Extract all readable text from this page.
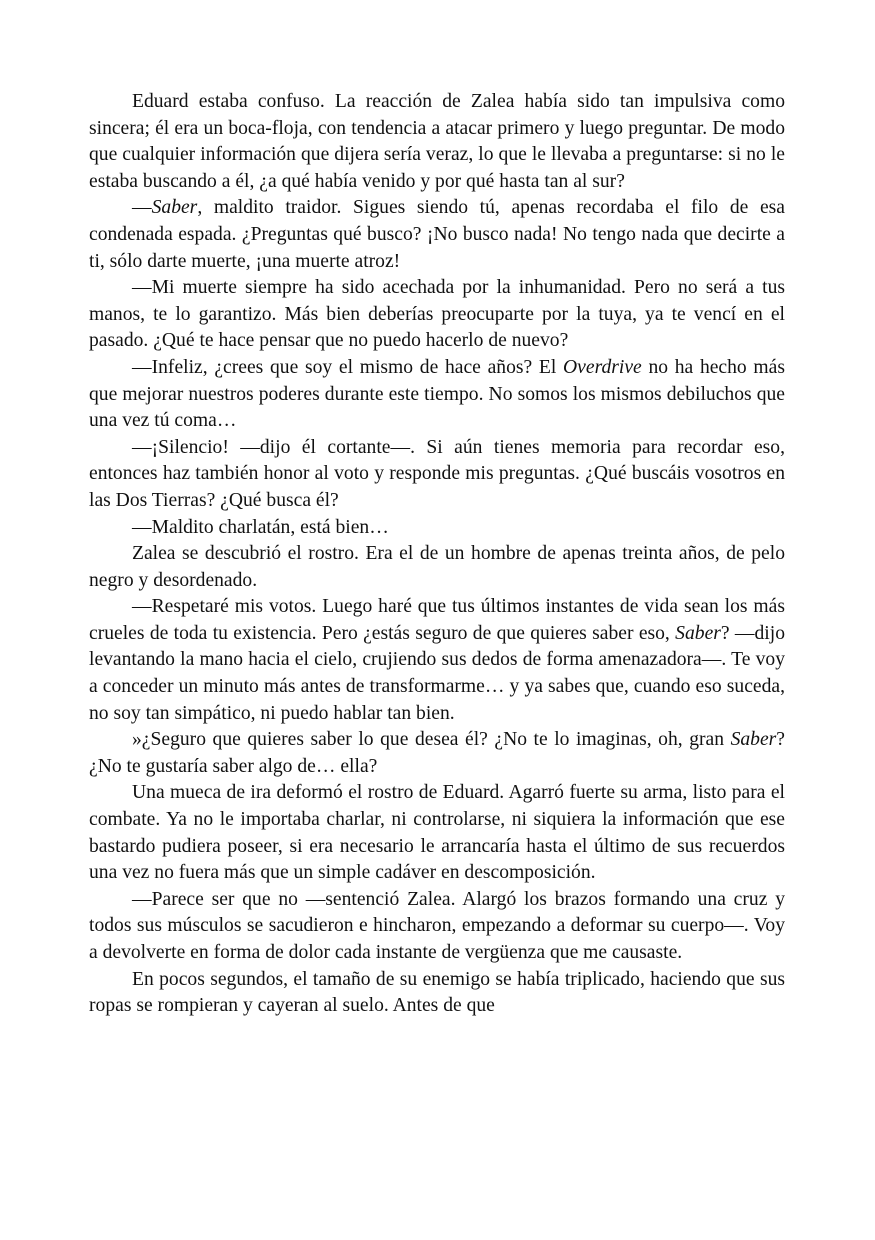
Eduard estaba confuso. La reacción de Zalea había sido tan impulsiva como sincera; él era un boca-floja, con tendencia a atacar primero y luego preguntar. De modo que cualquier información que dijera sería veraz, lo que le llevaba a preguntarse: si no le estaba buscando a él, ¿a qué había venido y por qué hasta tan al sur?

—Saber, maldito traidor. Sigues siendo tú, apenas recordaba el filo de esa condenada espada. ¿Preguntas qué busco? ¡No busco nada! No tengo nada que decirte a ti, sólo darte muerte, ¡una muerte atroz!

—Mi muerte siempre ha sido acechada por la inhumanidad. Pero no será a tus manos, te lo garantizo. Más bien deberías preocuparte por la tuya, ya te vencí en el pasado. ¿Qué te hace pensar que no puedo hacerlo de nuevo?

—Infeliz, ¿crees que soy el mismo de hace años? El Overdrive no ha hecho más que mejorar nuestros poderes durante este tiempo. No somos los mismos debiluchos que una vez tú coma…

—¡Silencio! —dijo él cortante—. Si aún tienes memoria para recordar eso, entonces haz también honor al voto y responde mis preguntas. ¿Qué buscáis vosotros en las Dos Tierras? ¿Qué busca él?

—Maldito charlatán, está bien…

Zalea se descubrió el rostro. Era el de un hombre de apenas treinta años, de pelo negro y desordenado.

—Respetaré mis votos. Luego haré que tus últimos instantes de vida sean los más crueles de toda tu existencia. Pero ¿estás seguro de que quieres saber eso, Saber? —dijo levantando la mano hacia el cielo, crujiendo sus dedos de forma amenazadora—. Te voy a conceder un minuto más antes de transformarme… y ya sabes que, cuando eso suceda, no soy tan simpático, ni puedo hablar tan bien.

»¿Seguro que quieres saber lo que desea él? ¿No te lo imaginas, oh, gran Saber? ¿No te gustaría saber algo de… ella?

Una mueca de ira deformó el rostro de Eduard. Agarró fuerte su arma, listo para el combate. Ya no le importaba charlar, ni controlarse, ni siquiera la información que ese bastardo pudiera poseer, si era necesario le arrancaría hasta el último de sus recuerdos una vez no fuera más que un simple cadáver en descomposición.

—Parece ser que no —sentenció Zalea. Alargó los brazos formando una cruz y todos sus músculos se sacudieron e hincharon, empezando a deformar su cuerpo—. Voy a devolverte en forma de dolor cada instante de vergüenza que me causaste.

En pocos segundos, el tamaño de su enemigo se había triplicado, haciendo que sus ropas se rompieran y cayeran al suelo. Antes de que
